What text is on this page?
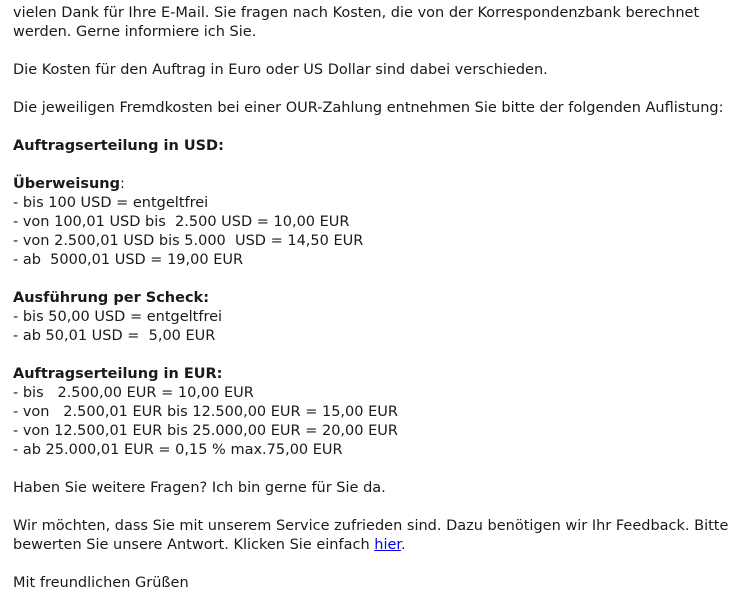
vielen Dank für Ihre E-Mail. Sie fragen nach Kosten, die von der Korrespondenzbank berechnet werden. Gerne informiere ich Sie.

Die Kosten für den Auftrag in Euro oder US Dollar sind dabei verschieden.

Die jeweiligen Fremdkosten bei einer OUR-Zahlung entnehmen Sie bitte der folgenden Auflistung:

Auftragserteilung in USD:

Überweisung:
- bis 100 USD = entgeltfrei
- von 100,01 USD bis  2.500 USD = 10,00 EUR
- von 2.500,01 USD bis 5.000  USD = 14,50 EUR
- ab  5000,01 USD = 19,00 EUR
Ausführung per Scheck:
- bis 50,00 USD = entgeltfrei
- ab 50,01 USD =  5,00 EUR
Auftragserteilung in EUR:
- bis   2.500,00 EUR = 10,00 EUR
- von   2.500,01 EUR bis 12.500,00 EUR = 15,00 EUR
- von 12.500,01 EUR bis 25.000,00 EUR = 20,00 EUR
- ab 25.000,01 EUR = 0,15 % max.75,00 EUR

Haben Sie weitere Fragen? Ich bin gerne für Sie da.

Wir möchten, dass Sie mit unserem Service zufrieden sind. Dazu benötigen wir Ihr Feedback. Bitte bewerten Sie unsere Antwort. Klicken Sie einfach hier.

Mit freundlichen Grüßen
